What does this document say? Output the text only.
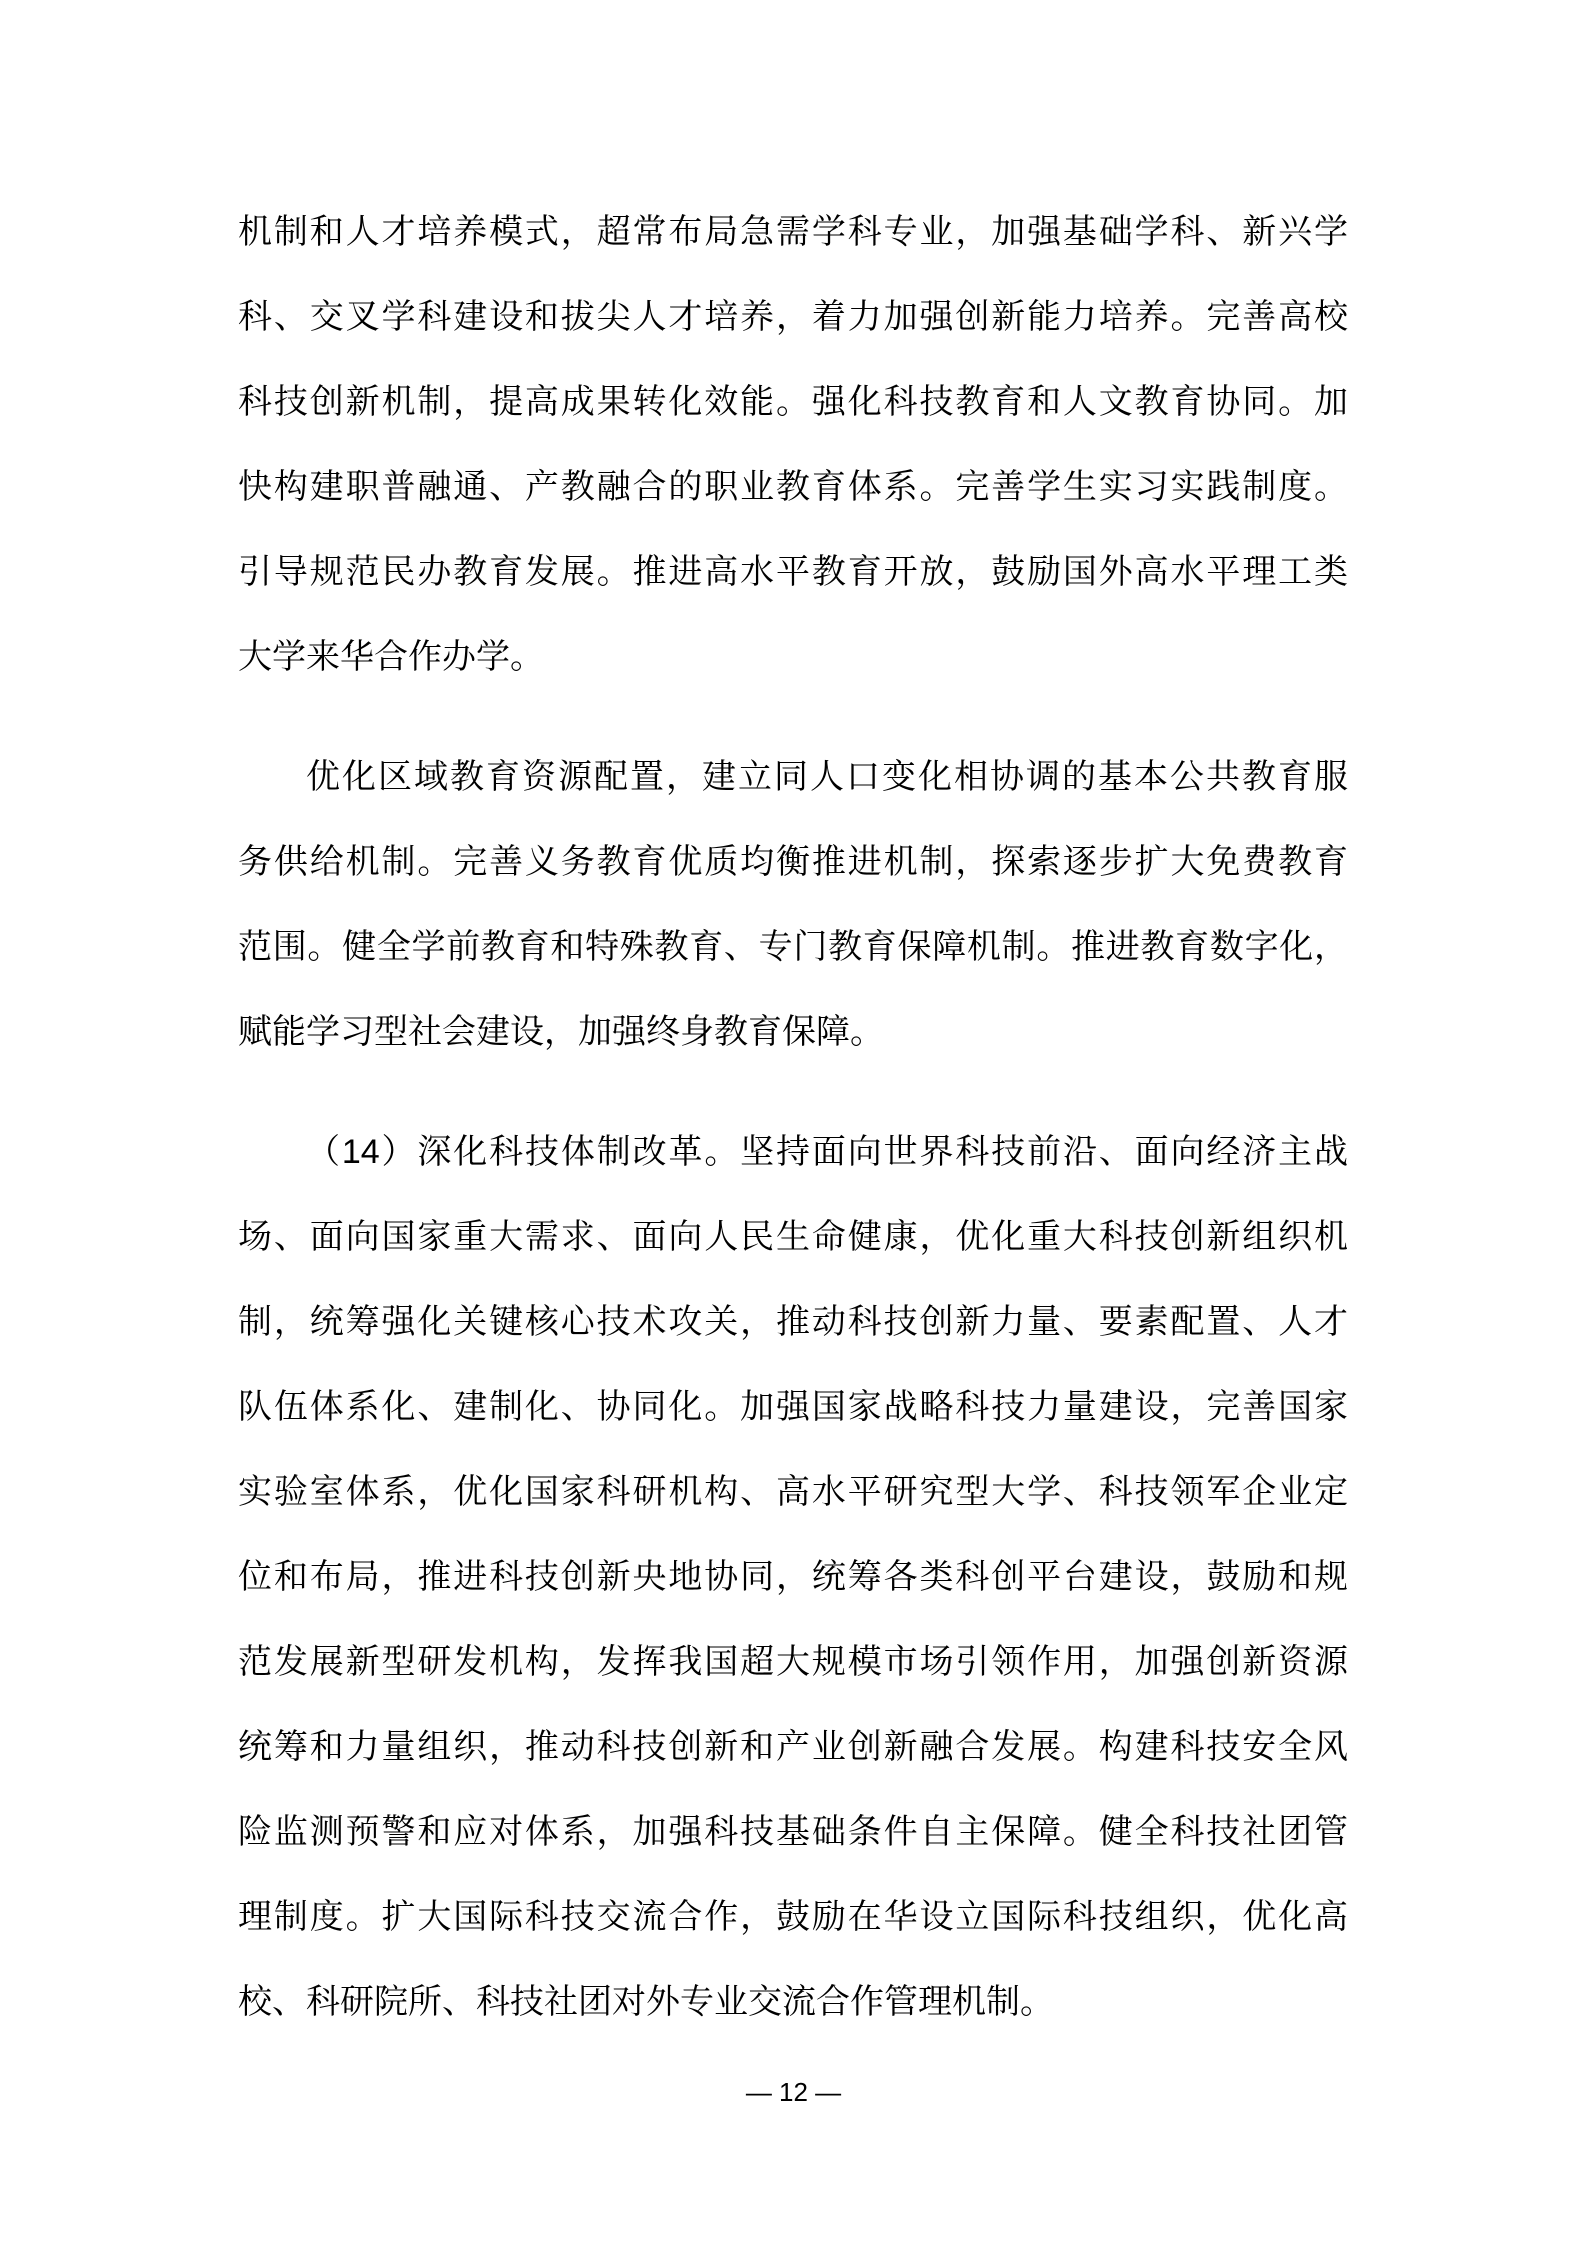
机制和人才培养模式，超常布局急需学科专业，加强基础学科、新兴学
科、交叉学科建设和拔尖人才培养，着力加强创新能力培养。完善高校
科技创新机制，提高成果转化效能。强化科技教育和人文教育协同。加
快构建职普融通、产教融合的职业教育体系。完善学生实习实践制度。
引导规范民办教育发展。推进高水平教育开放，鼓励国外高水平理工类
大学来华合作办学。
优化区域教育资源配置，建立同人口变化相协调的基本公共教育服
务供给机制。完善义务教育优质均衡推进机制，探索逐步扩大免费教育
范围。健全学前教育和特殊教育、专门教育保障机制。推进教育数字化，
赋能学习型社会建设，加强终身教育保障。
（14）深化科技体制改革。坚持面向世界科技前沿、面向经济主战
场、面向国家重大需求、面向人民生命健康，优化重大科技创新组织机
制，统筹强化关键核心技术攻关，推动科技创新力量、要素配置、人才
队伍体系化、建制化、协同化。加强国家战略科技力量建设，完善国家
实验室体系，优化国家科研机构、高水平研究型大学、科技领军企业定
位和布局，推进科技创新央地协同，统筹各类科创平台建设，鼓励和规
范发展新型研发机构，发挥我国超大规模市场引领作用，加强创新资源
统筹和力量组织，推动科技创新和产业创新融合发展。构建科技安全风
险监测预警和应对体系，加强科技基础条件自主保障。健全科技社团管
理制度。扩大国际科技交流合作，鼓励在华设立国际科技组织，优化高
校、科研院所、科技社团对外专业交流合作管理机制。
— 12 —
